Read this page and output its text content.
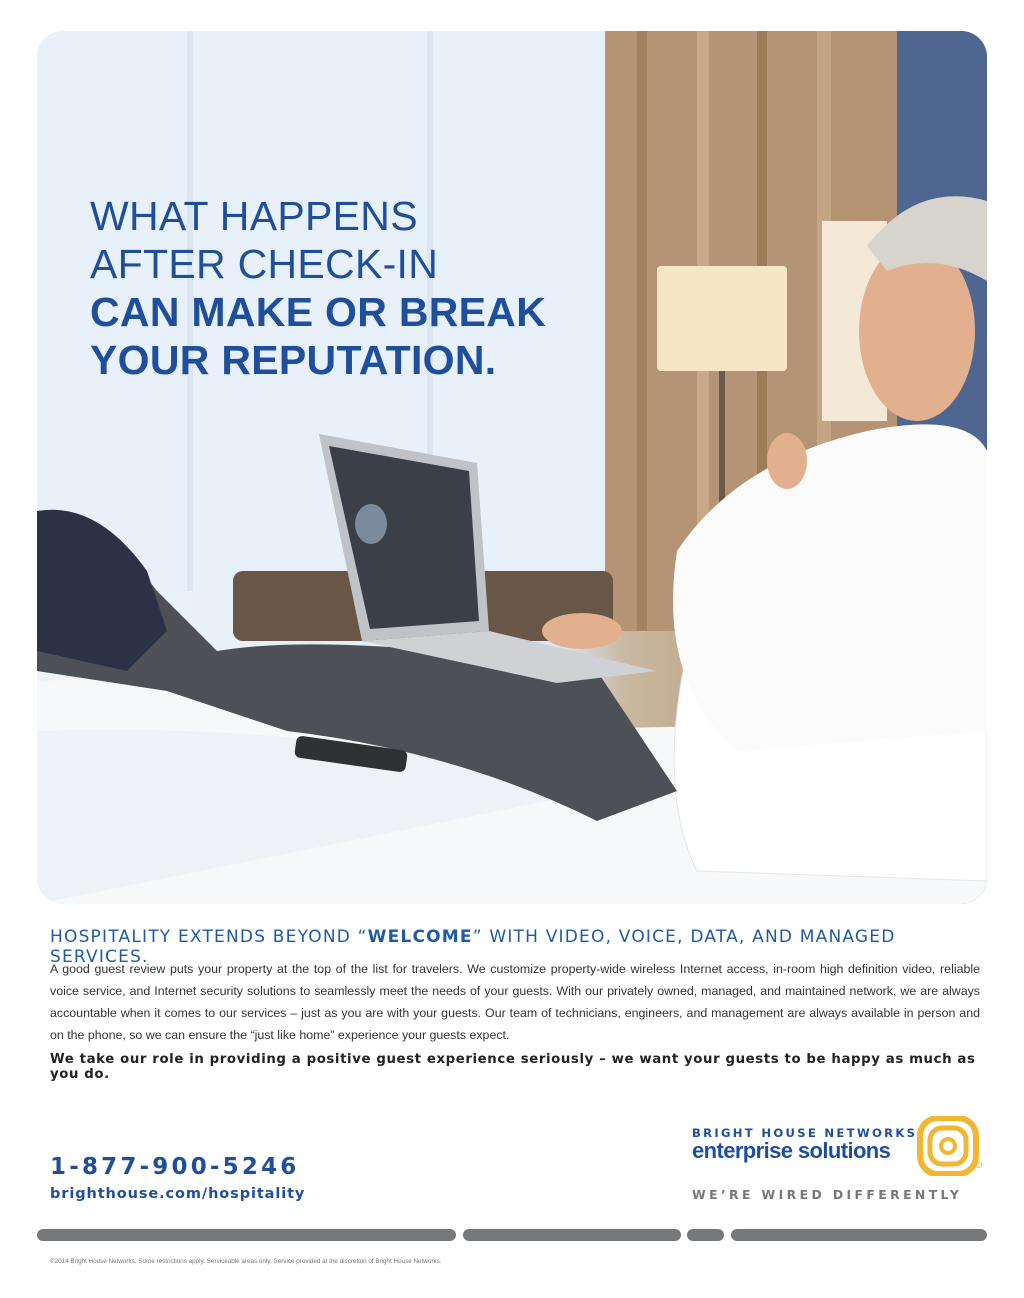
WHAT HAPPENS
AFTER CHECK-IN
CAN MAKE OR BREAK
YOUR REPUTATION.
HOSPITALITY EXTENDS BEYOND “WELCOME” WITH VIDEO, VOICE, DATA, AND MANAGED SERVICES.

A good guest review puts your property at the top of the list for travelers. We customize property-wide wireless Internet access, in-room high definition video, reliable voice service, and Internet security solutions to seamlessly meet the needs of your guests. With our privately owned, managed, and maintained network, we are always accountable when it comes to our services – just as you are with your guests. Our team of technicians, engineers, and management are always available in person and on the phone, so we can ensure the “just like home” experience your guests expect.

We take our role in providing a positive guest experience seriously – we want your guests to be happy as much as you do.

1-877-900-5246
brighthouse.com/hospitality
BRIGHT HOUSE NETWORKS
enterprise solutions
WE’RE WIRED DIFFERENTLY
©2014 Bright House Networks. Some restrictions apply. Serviceable areas only. Service provided at the discretion of Bright House Networks.
